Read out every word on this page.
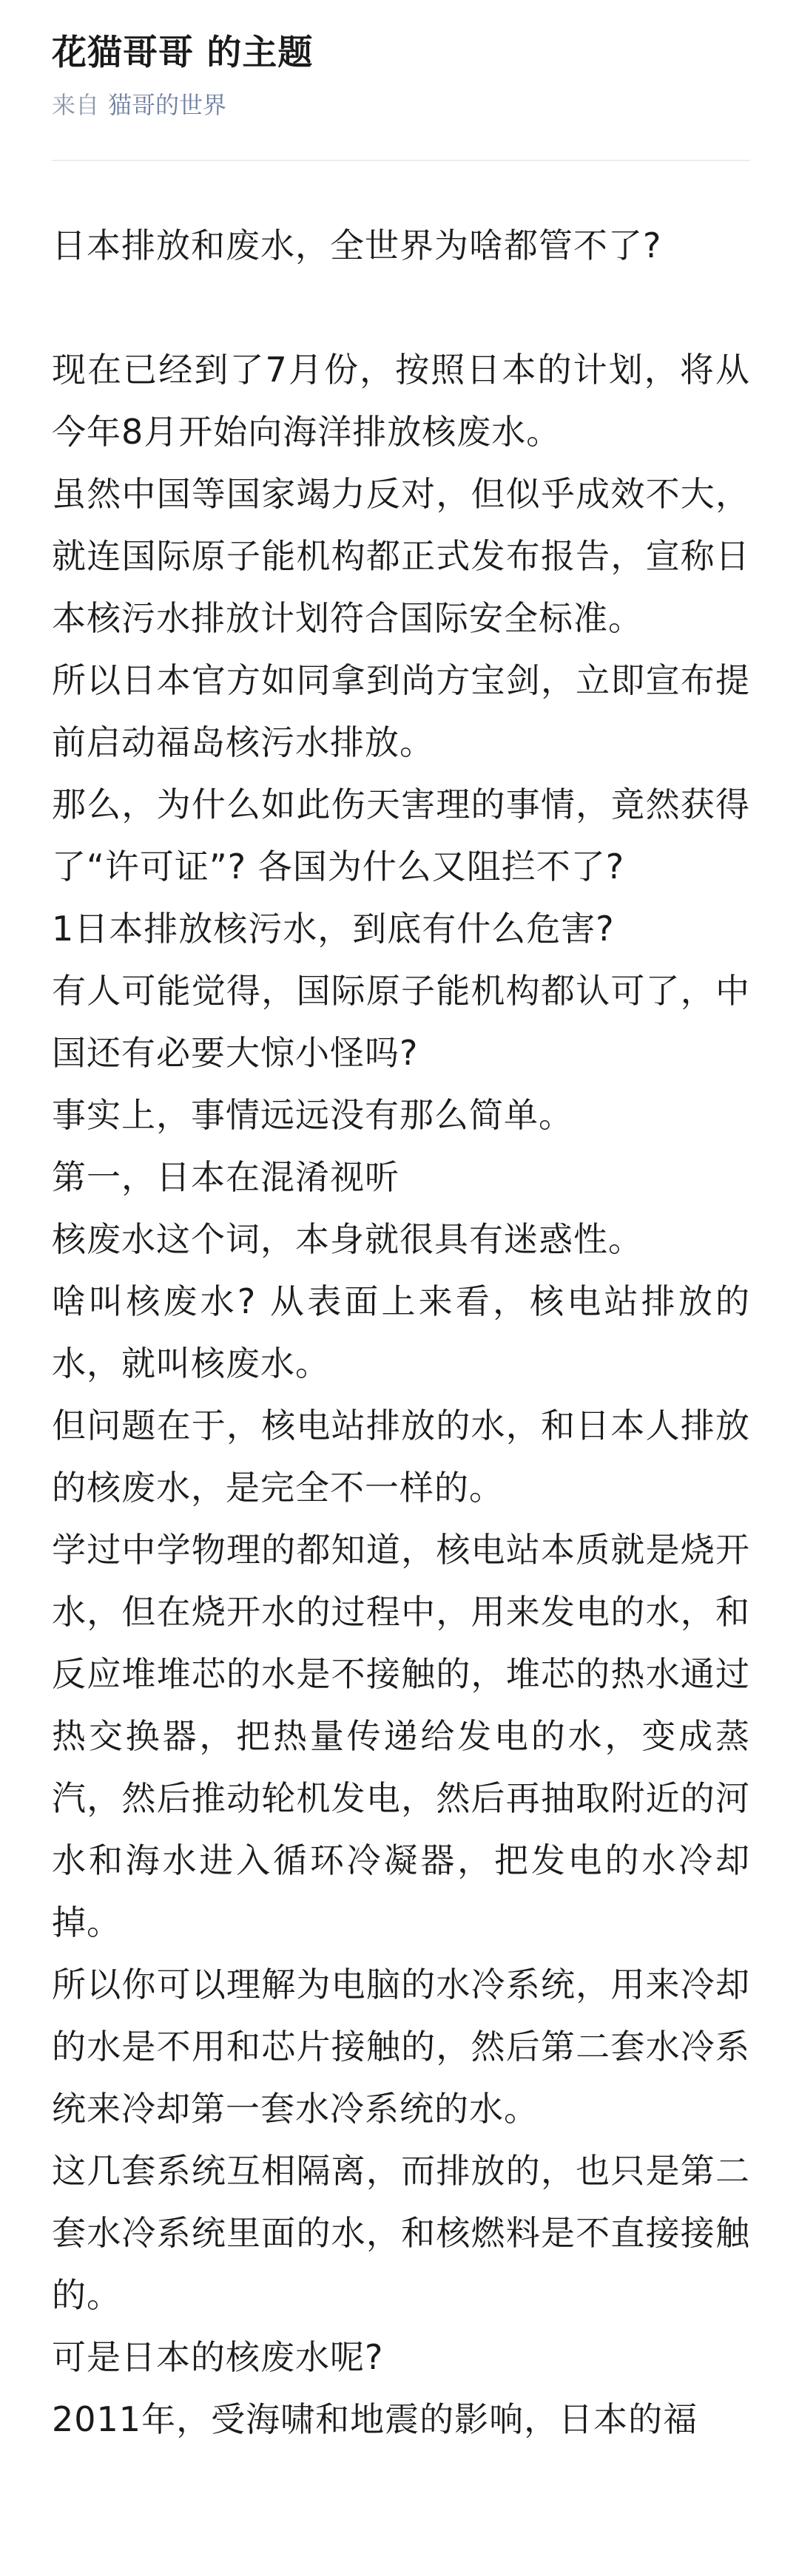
花猫哥哥 的主题
来自 猫哥的世界

日本排放和废水，全世界为啥都管不了?

现在已经到了7月份，按照日本的计划，将从今年8月开始向海洋排放核废水。

虽然中国等国家竭力反对，但似乎成效不大，就连国际原子能机构都正式发布报告，宣称日本核污水排放计划符合国际安全标准。

所以日本官方如同拿到尚方宝剑，立即宣布提前启动福岛核污水排放。

那么，为什么如此伤天害理的事情，竟然获得了“许可证”? 各国为什么又阻拦不了?

1日本排放核污水，到底有什么危害?

有人可能觉得，国际原子能机构都认可了，中国还有必要大惊小怪吗?

事实上，事情远远没有那么简单。

第一，日本在混淆视听

核废水这个词，本身就很具有迷惑性。

啥叫核废水? 从表面上来看，核电站排放的水，就叫核废水。

但问题在于，核电站排放的水，和日本人排放的核废水，是完全不一样的。

学过中学物理的都知道，核电站本质就是烧开水，但在烧开水的过程中，用来发电的水，和反应堆堆芯的水是不接触的，堆芯的热水通过热交换器，把热量传递给发电的水，变成蒸汽，然后推动轮机发电，然后再抽取附近的河水和海水进入循环冷凝器，把发电的水冷却掉。

所以你可以理解为电脑的水冷系统，用来冷却的水是不用和芯片接触的，然后第二套水冷系统来冷却第一套水冷系统的水。

这几套系统互相隔离，而排放的，也只是第二套水冷系统里面的水，和核燃料是不直接接触的。

可是日本的核废水呢?

2011年，受海啸和地震的影响，日本的福
